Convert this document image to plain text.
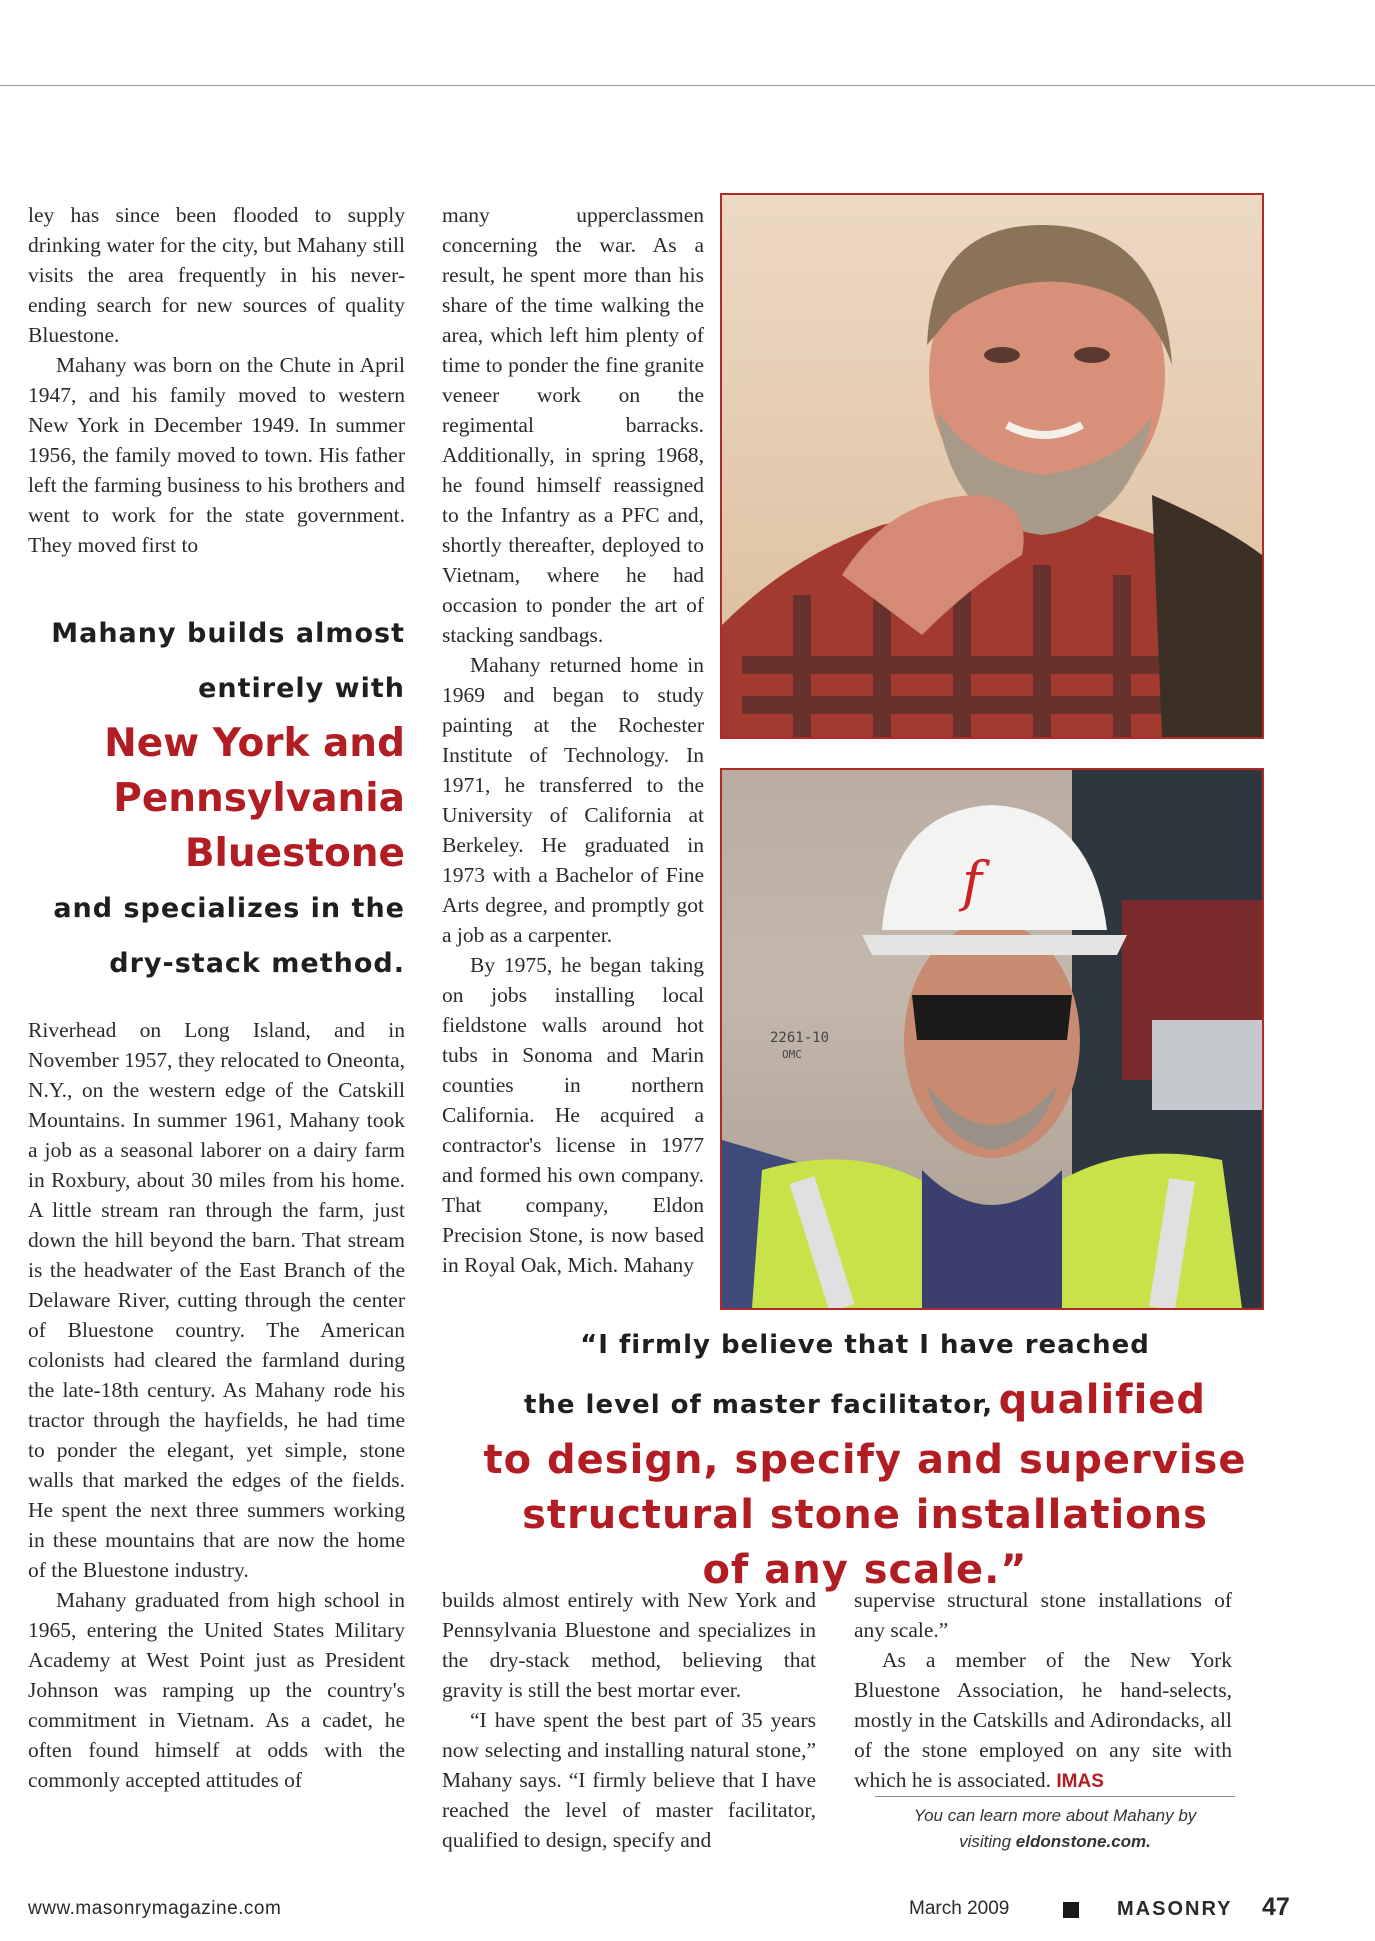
ley has since been flooded to supply drinking water for the city, but Mahany still visits the area frequently in his never-ending search for new sources of quality Bluestone.

Mahany was born on the Chute in April 1947, and his family moved to western New York in December 1949. In summer 1956, the family moved to town. His father left the farming business to his brothers and went to work for the state government. They moved first to

Mahany builds almost
entirely with
New York and
Pennsylvania
Bluestone
and specializes in the
dry-stack method.

Riverhead on Long Island, and in November 1957, they relocated to Oneonta, N.Y., on the western edge of the Catskill Mountains. In summer 1961, Mahany took a job as a seasonal laborer on a dairy farm in Roxbury, about 30 miles from his home. A little stream ran through the farm, just down the hill beyond the barn. That stream is the headwater of the East Branch of the Delaware River, cutting through the center of Bluestone country. The American colonists had cleared the farmland during the late-18th century. As Mahany rode his tractor through the hayfields, he had time to ponder the elegant, yet simple, stone walls that marked the edges of the fields. He spent the next three summers working in these mountains that are now the home of the Bluestone industry.

Mahany graduated from high school in 1965, entering the United States Military Academy at West Point just as President Johnson was ramping up the country's commitment in Vietnam. As a cadet, he often found himself at odds with the commonly accepted attitudes of

many upperclassmen concerning the war. As a result, he spent more than his share of the time walking the area, which left him plenty of time to ponder the fine granite veneer work on the regimental barracks. Additionally, in spring 1968, he found himself reassigned to the Infantry as a PFC and, shortly thereafter, deployed to Vietnam, where he had occasion to ponder the art of stacking sandbags.

Mahany returned home in 1969 and began to study painting at the Rochester Institute of Technology. In 1971, he transferred to the University of California at Berkeley. He graduated in 1973 with a Bachelor of Fine Arts degree, and promptly got a job as a carpenter.

By 1975, he began taking on jobs installing local fieldstone walls around hot tubs in Sonoma and Marin counties in northern California. He acquired a contractor's license in 1977 and formed his own company. That company, Eldon Precision Stone, is now based in Royal Oak, Mich. Mahany

f
2261-10
OMC
“I firmly believe that I have reached
the level of master facilitator, qualified
to design, specify and supervise
structural stone installations
of any scale.”

builds almost entirely with New York and Pennsylvania Bluestone and specializes in the dry-stack method, believing that gravity is still the best mortar ever.

“I have spent the best part of 35 years now selecting and installing natural stone,” Mahany says. “I firmly believe that I have reached the level of master facilitator, qualified to design, specify and

supervise structural stone installations of any scale.”

As a member of the New York Bluestone Association, he hand-selects, mostly in the Catskills and Adirondacks, all of the stone employed on any site with which he is associated. IMAS

You can learn more about Mahany by
visiting eldonstone.com.
www.masonrymagazine.com	March 2009	MASONRY 47
